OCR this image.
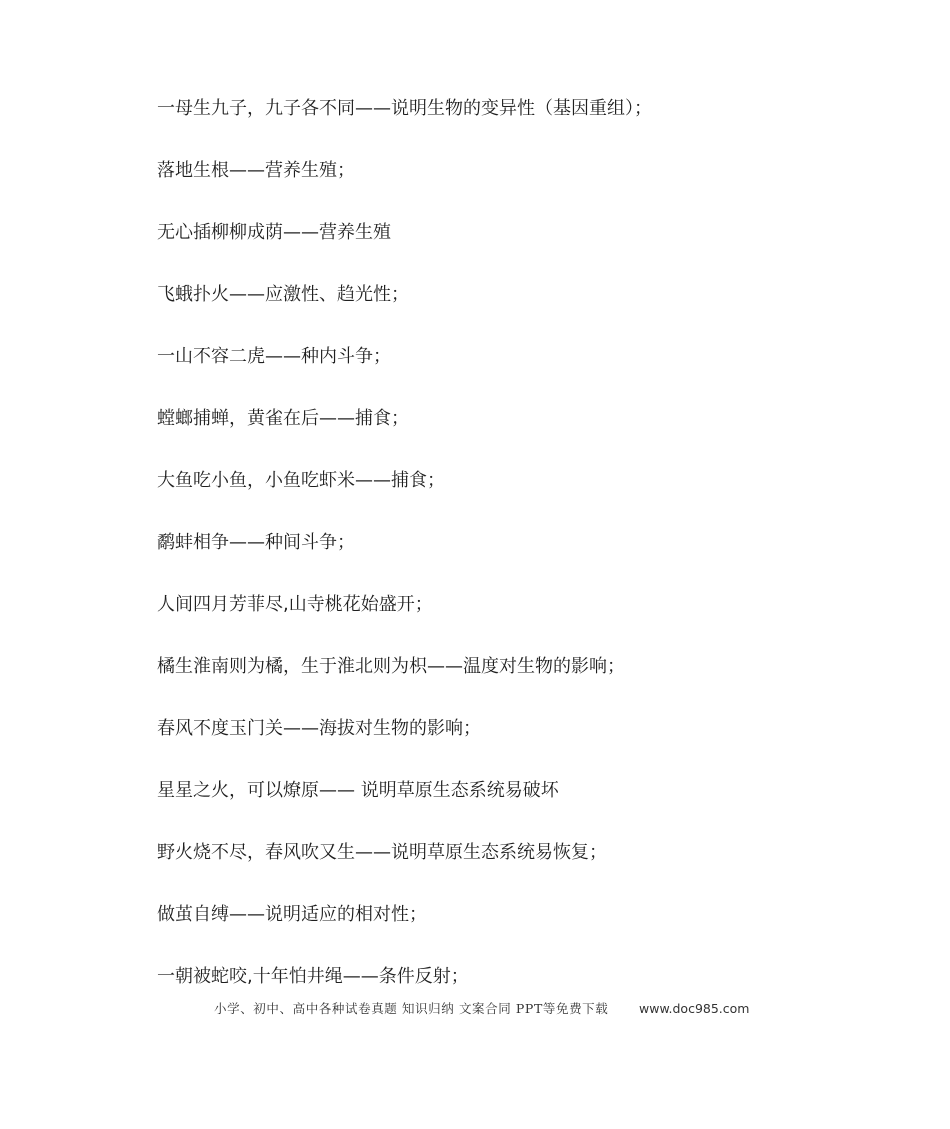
一母生九子，九子各不同——说明生物的变异性（基因重组）；
落地生根——营养生殖；
无心插柳柳成荫——营养生殖
飞蛾扑火——应激性、趋光性；
一山不容二虎——种内斗争；
螳螂捕蝉，黄雀在后——捕食；
大鱼吃小鱼，小鱼吃虾米——捕食；
鹬蚌相争——种间斗争；
人间四月芳菲尽,山寺桃花始盛开；
橘生淮南则为橘，生于淮北则为枳——温度对生物的影响；
春风不度玉门关——海拔对生物的影响；
星星之火，可以燎原—— 说明草原生态系统易破坏
野火烧不尽，春风吹又生——说明草原生态系统易恢复；
做茧自缚——说明适应的相对性；
一朝被蛇咬,十年怕井绳——条件反射；
小学、初中、高中各种试卷真题 知识归纳 文案合同 PPT等免费下载 www.doc985.com
